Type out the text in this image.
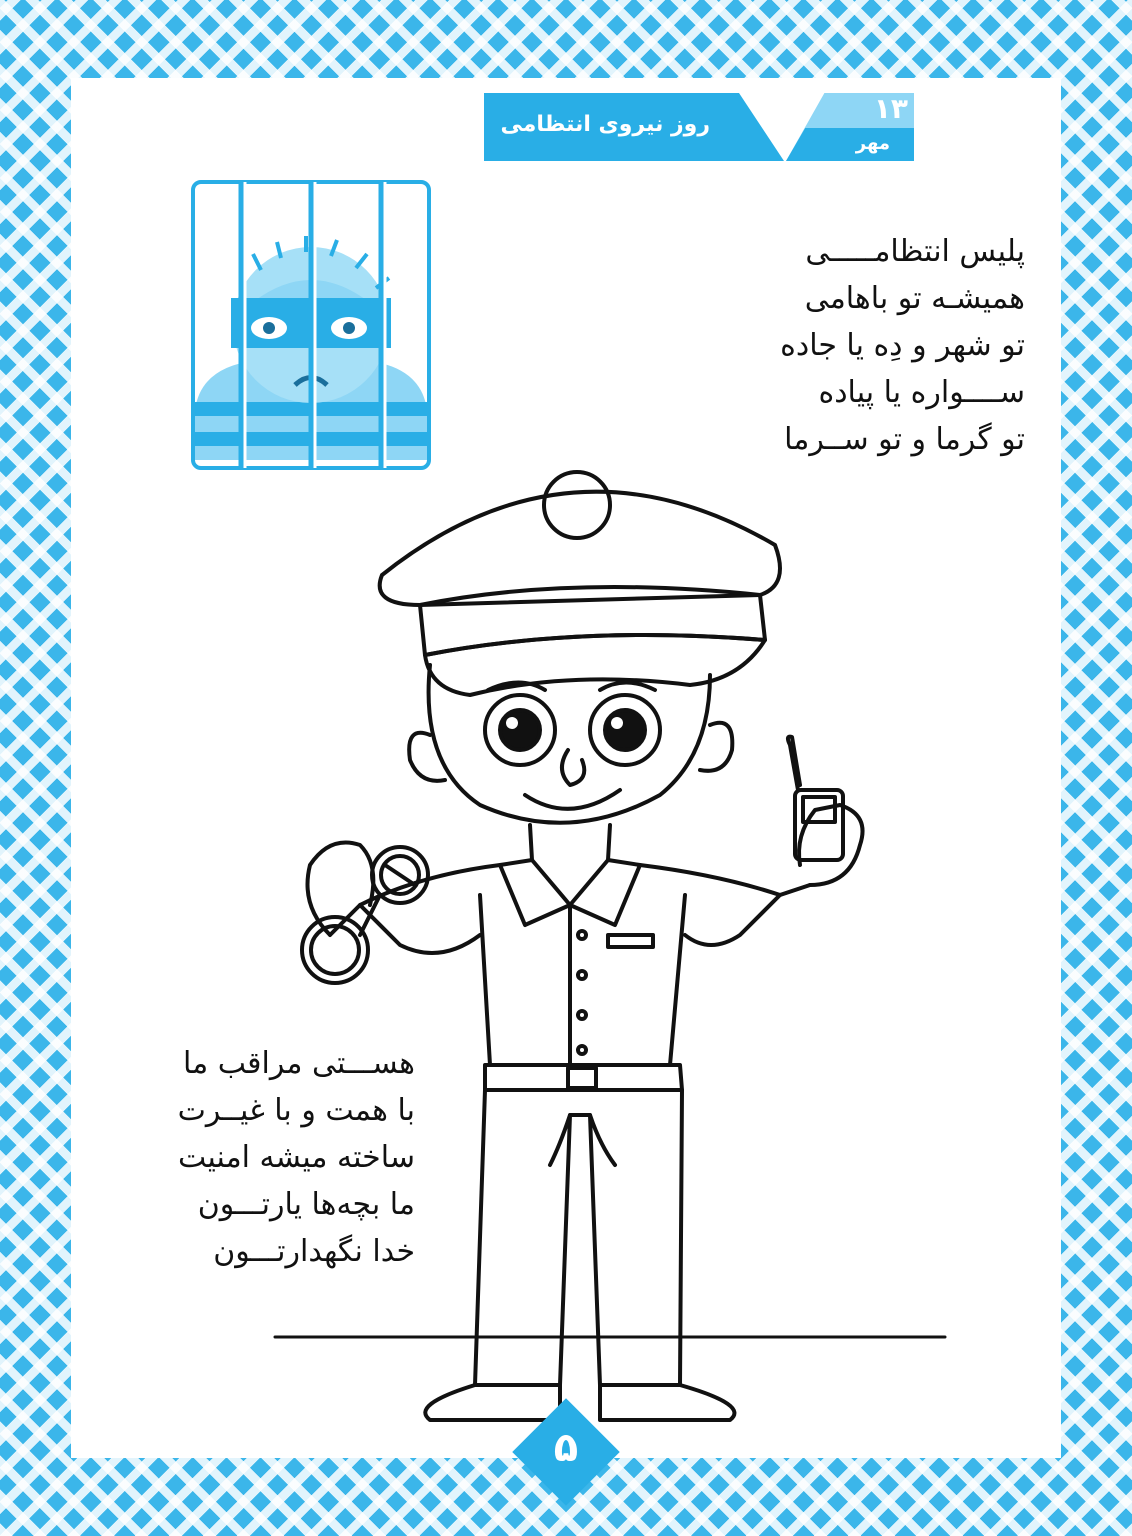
روز نیروی انتظامی	۱۳
مهر
پلیس انتظامـــــی
همیشـه تو باهامی
تو شهر و دِه یا جاده
ســــواره یا پیاده
تو گرما و تو ســرما
هســـتی مراقب ما
با همت و با غیــرت
ساخته میشه امنیت
ما بچه‌ها یارتـــون
خدا نگهدارتـــون
۵
